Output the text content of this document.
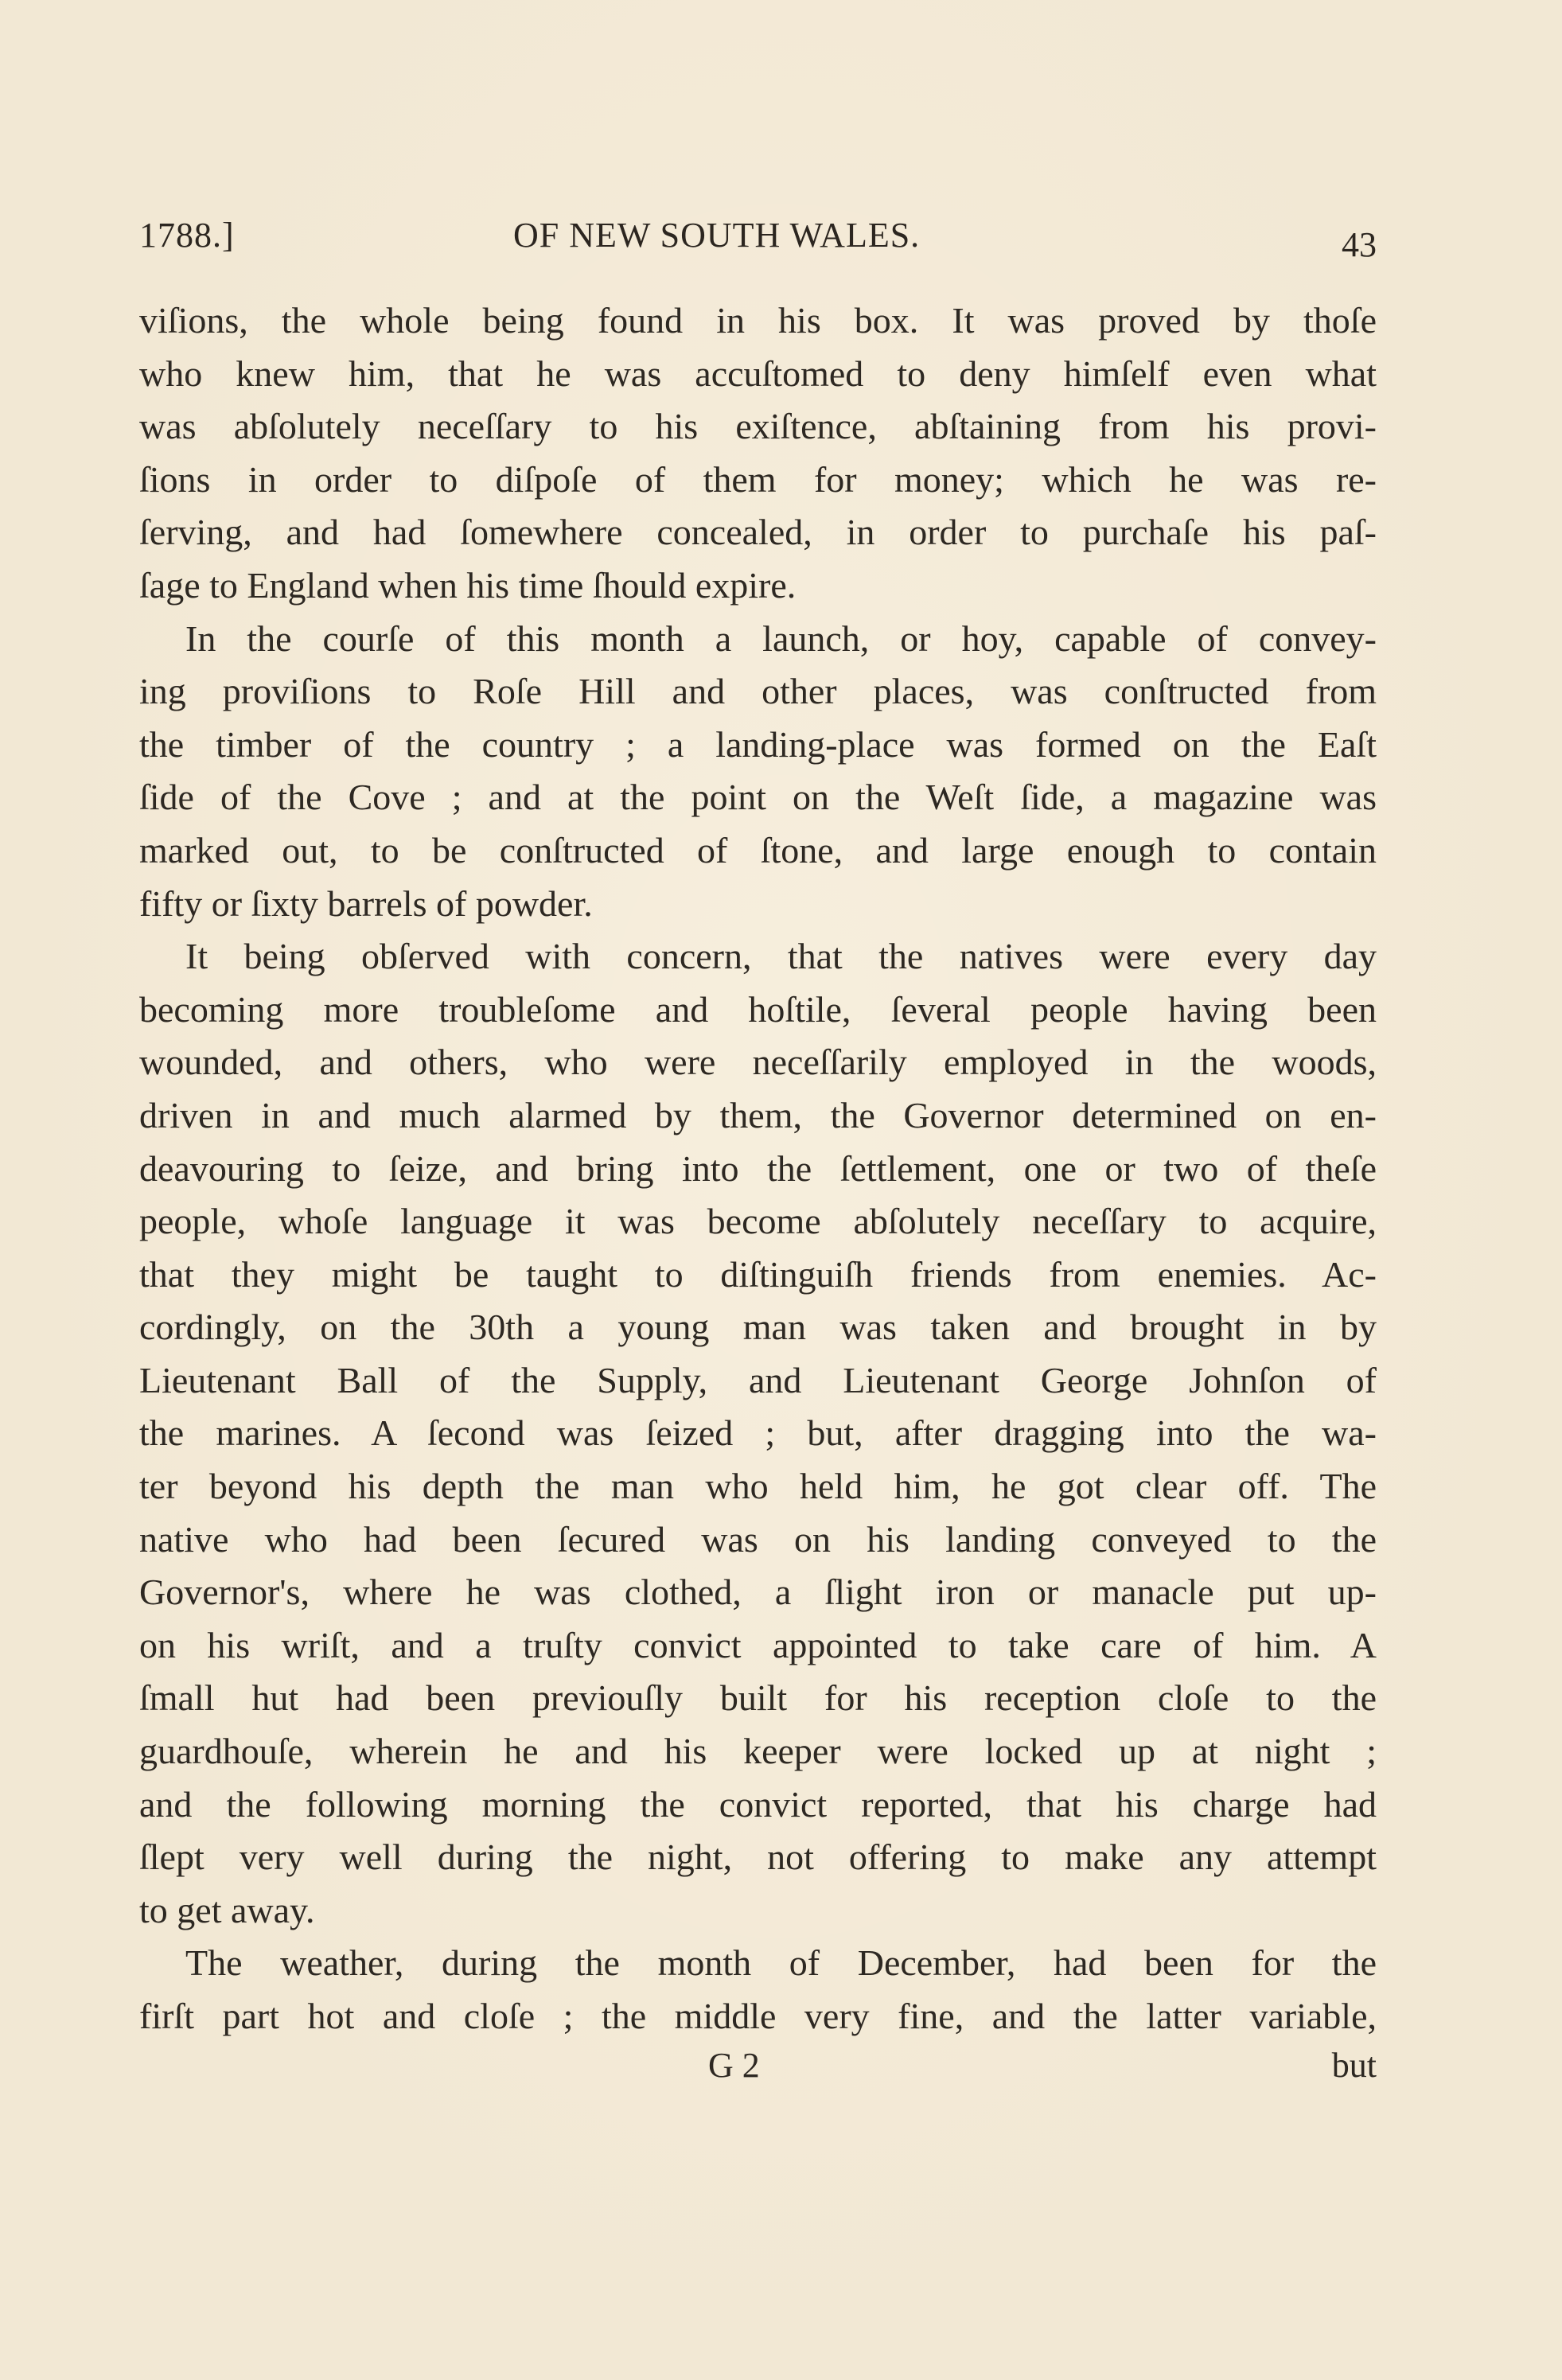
1788.]	OF NEW SOUTH WALES.	43
viſions, the whole being found in his box. It was proved by thoſe
who knew him, that he was accuſtomed to deny himſelf even what
was abſolutely neceſſary to his exiſtence, abſtaining from his provi-
ſions in order to diſpoſe of them for money; which he was re-
ſerving, and had ſomewhere concealed, in order to purchaſe his paſ-
ſage to England when his time ſhould expire.
In the courſe of this month a launch, or hoy, capable of convey-
ing proviſions to Roſe Hill and other places, was conſtructed from
the timber of the country ; a landing-place was formed on the Eaſt
ſide of the Cove ; and at the point on the Weſt ſide, a magazine was
marked out, to be conſtructed of ſtone, and large enough to contain
fifty or ſixty barrels of powder.
It being obſerved with concern, that the natives were every day
becoming more troubleſome and hoſtile, ſeveral people having been
wounded, and others, who were neceſſarily employed in the woods,
driven in and much alarmed by them, the Governor determined on en-
deavouring to ſeize, and bring into the ſettlement, one or two of theſe
people, whoſe language it was become abſolutely neceſſary to acquire,
that they might be taught to diſtinguiſh friends from enemies. Ac-
cordingly, on the 30th a young man was taken and brought in by
Lieutenant Ball of the Supply, and Lieutenant George Johnſon of
the marines. A ſecond was ſeized ; but, after dragging into the wa-
ter beyond his depth the man who held him, he got clear off. The
native who had been ſecured was on his landing conveyed to the
Governor's, where he was clothed, a ſlight iron or manacle put up-
on his wriſt, and a truſty convict appointed to take care of him. A
ſmall hut had been previouſly built for his reception cloſe to the
guardhouſe, wherein he and his keeper were locked up at night ;
and the following morning the convict reported, that his charge had
ſlept very well during the night, not offering to make any attempt
to get away.
The weather, during the month of December, had been for the
firſt part hot and cloſe ; the middle very fine, and the latter variable,
G 2	but
